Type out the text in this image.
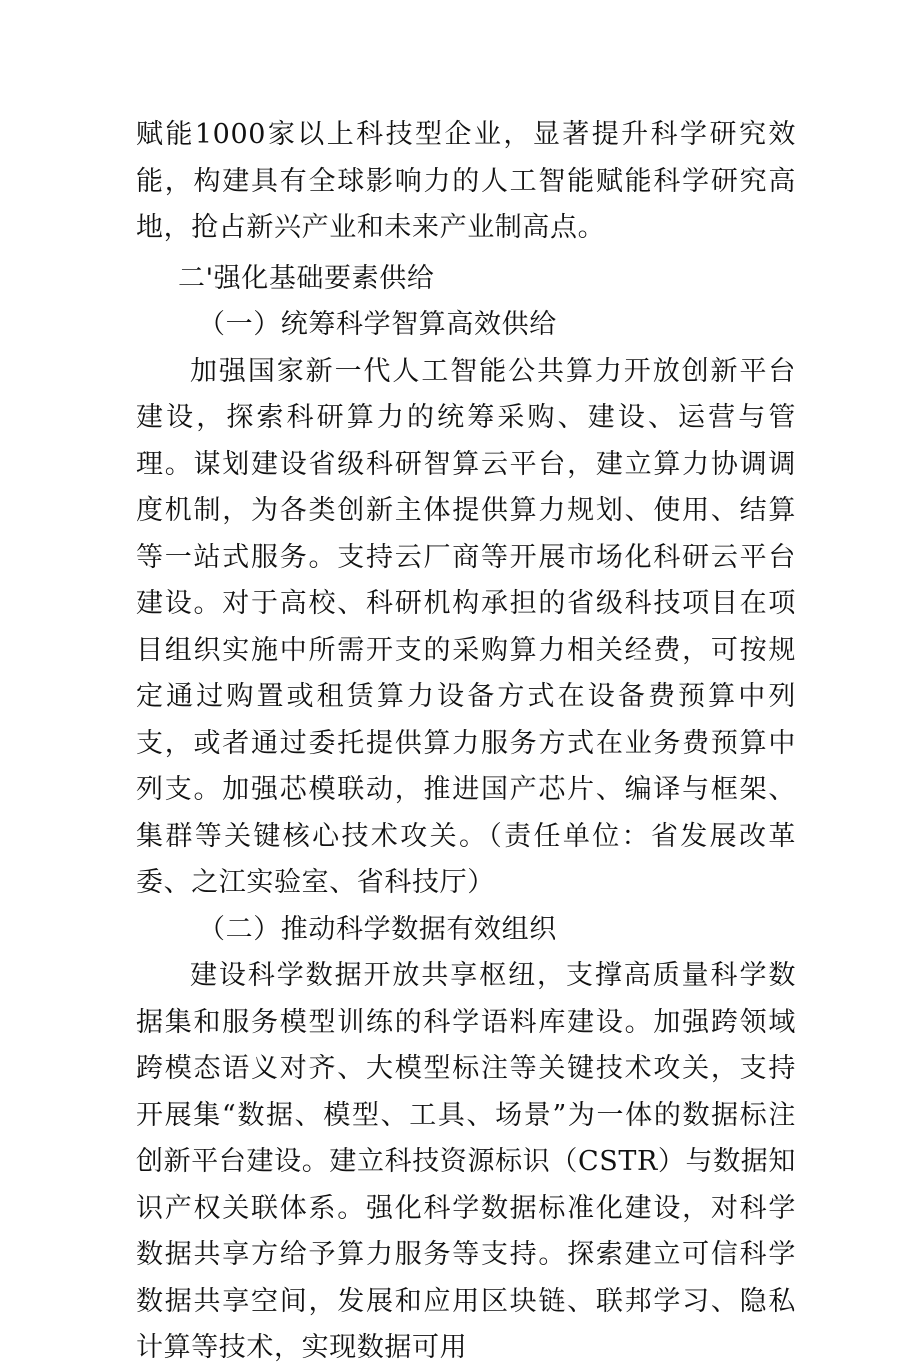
赋能1000家以上科技型企业，显著提升科学研究效能，构建具有全球影响力的人工智能赋能科学研究高地，抢占新兴产业和未来产业制高点。

二'强化基础要素供给

（一）统筹科学智算高效供给

加强国家新一代人工智能公共算力开放创新平台建设，探索科研算力的统筹采购、建设、运营与管理。谋划建设省级科研智算云平台，建立算力协调调度机制，为各类创新主体提供算力规划、使用、结算等一站式服务。支持云厂商等开展市场化科研云平台建设。对于高校、科研机构承担的省级科技项目在项目组织实施中所需开支的采购算力相关经费，可按规定通过购置或租赁算力设备方式在设备费预算中列支，或者通过委托提供算力服务方式在业务费预算中列支。加强芯模联动，推进国产芯片、编译与框架、集群等关键核心技术攻关。（责任单位：省发展改革委、之江实验室、省科技厅）

（二）推动科学数据有效组织

建设科学数据开放共享枢纽，支撑高质量科学数据集和服务模型训练的科学语料库建设。加强跨领域跨模态语义对齐、大模型标注等关键技术攻关，支持开展集“数据、模型、工具、场景”为一体的数据标注创新平台建设。建立科技资源标识（CSTR）与数据知识产权关联体系。强化科学数据标准化建设，对科学数据共享方给予算力服务等支持。探索建立可信科学数据共享空间，发展和应用区块链、联邦学习、隐私计算等技术，实现数据可用
